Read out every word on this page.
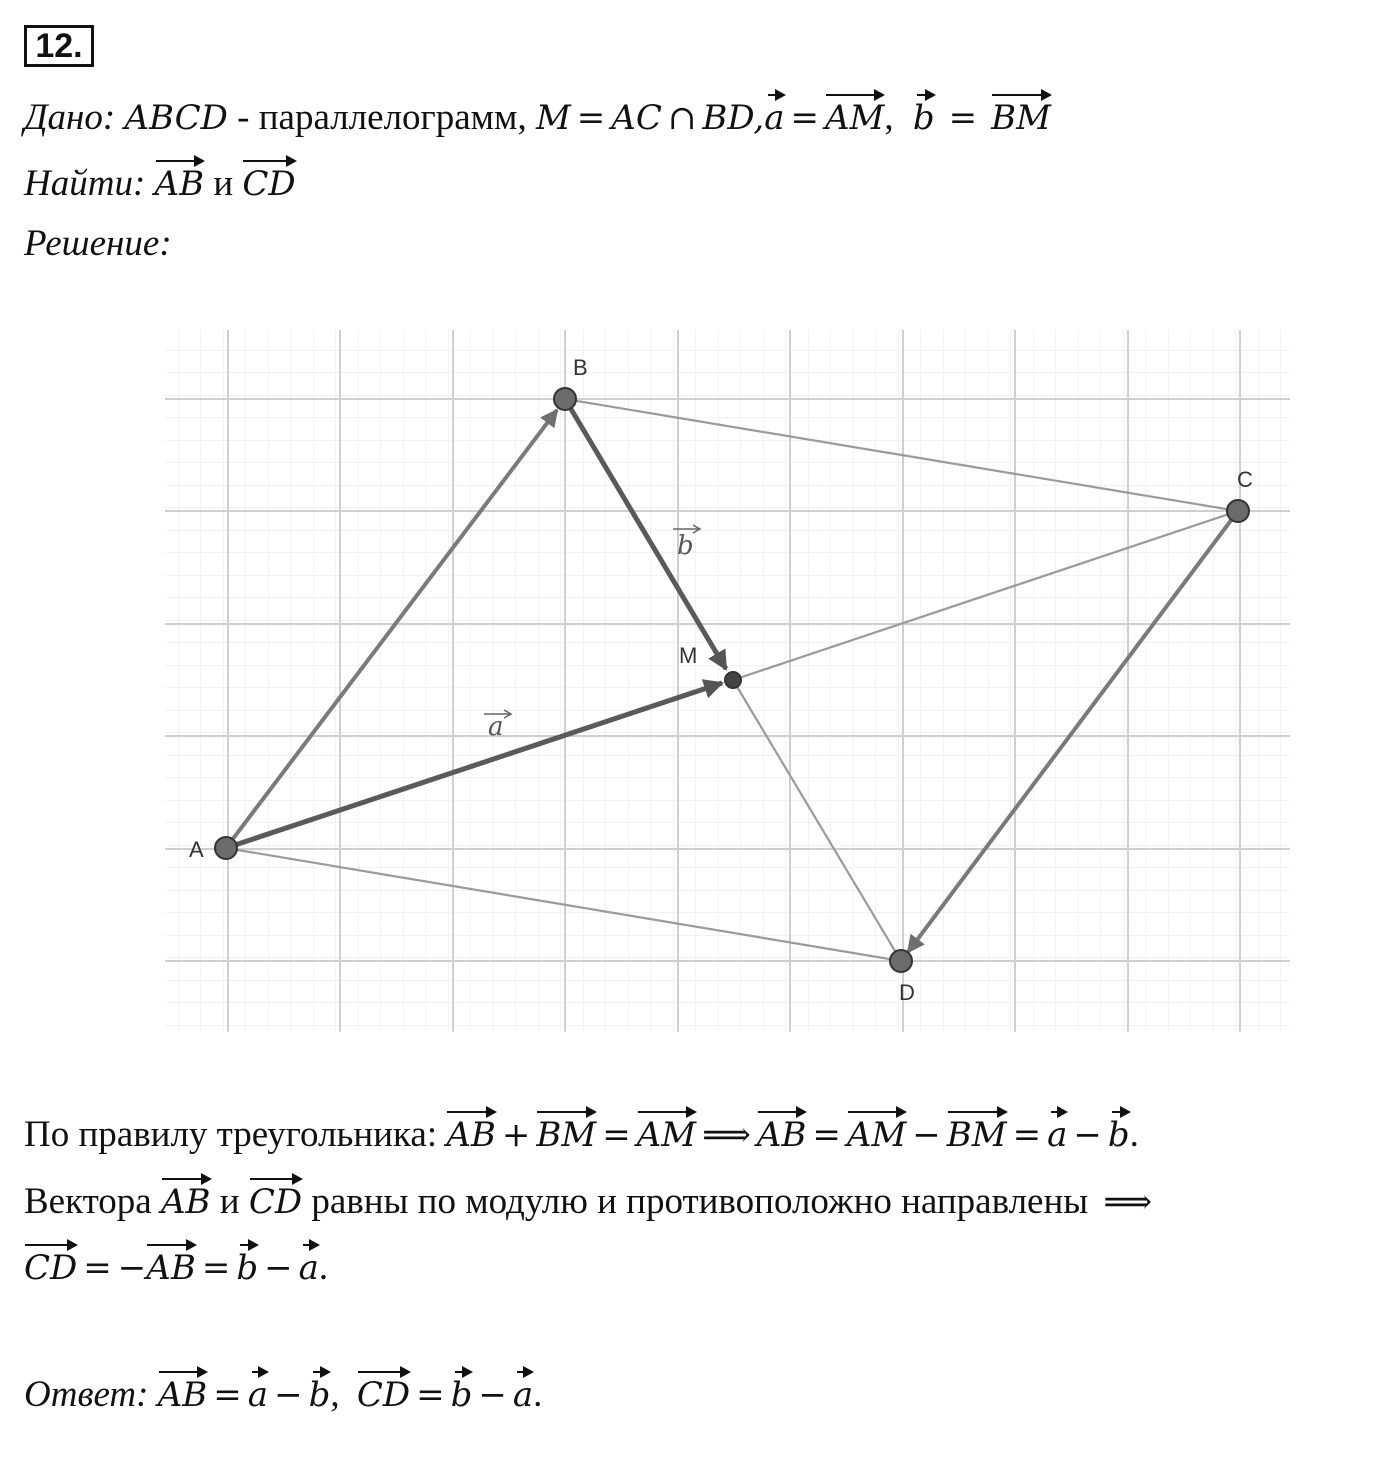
12.
Дано: ABCD - параллелограмм, M = AC ∩ BD,a = AM, b = BM
Найти: AB и CD
Решение:
A
B
C
D
M
a
b
По правилу треугольника: AB + BM = AM ⟹ AB = AM − BM = a − b.
Вектора AB и CD равны по модулю и противоположно направлены ⟹
CD = −AB = b − a.
Ответ: AB = a − b, CD = b − a.
